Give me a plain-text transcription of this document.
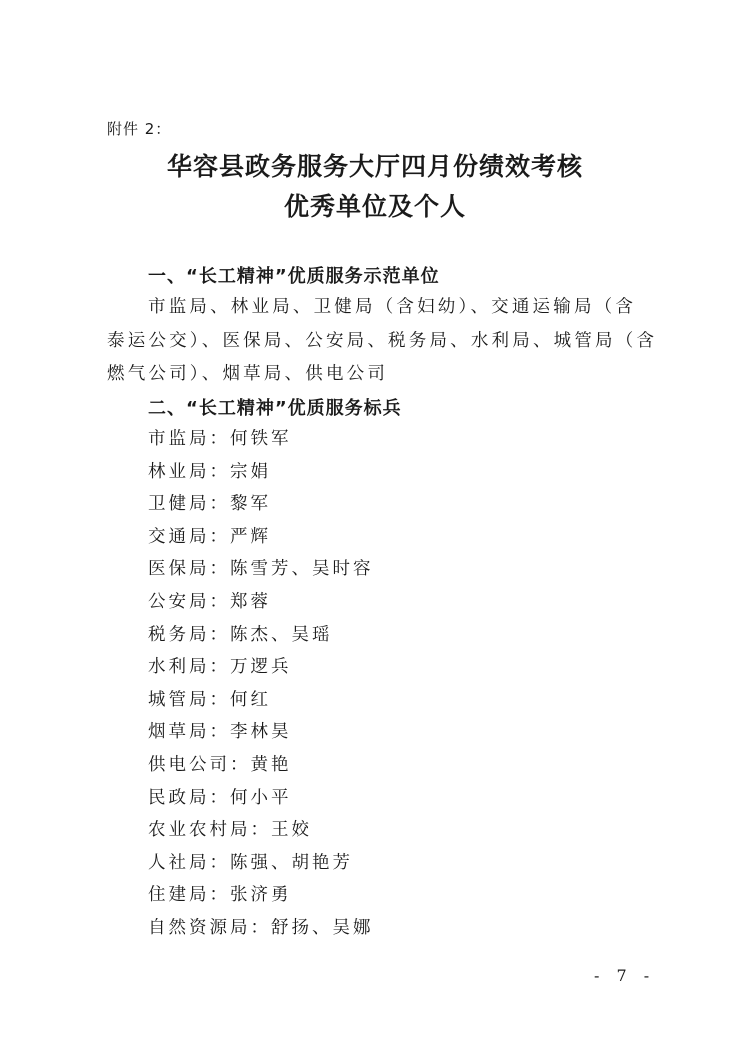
附件 2：
华容县政务服务大厅四月份绩效考核
优秀单位及个人
一、“长工精神”优质服务示范单位
市监局、林业局、卫健局（含妇幼）、交通运输局（含
泰运公交）、医保局、公安局、税务局、水利局、城管局（含
燃气公司）、烟草局、供电公司
二、“长工精神”优质服务标兵
市监局：何铁军
林业局：宗娟
卫健局：黎军
交通局：严辉
医保局：陈雪芳、吴时容
公安局：郑蓉
税务局：陈杰、吴瑶
水利局：万逻兵
城管局：何红
烟草局：李林昊
供电公司：黄艳
民政局：何小平
农业农村局：王姣
人社局：陈强、胡艳芳
住建局：张济勇
自然资源局：舒扬、吴娜
- 7 -
